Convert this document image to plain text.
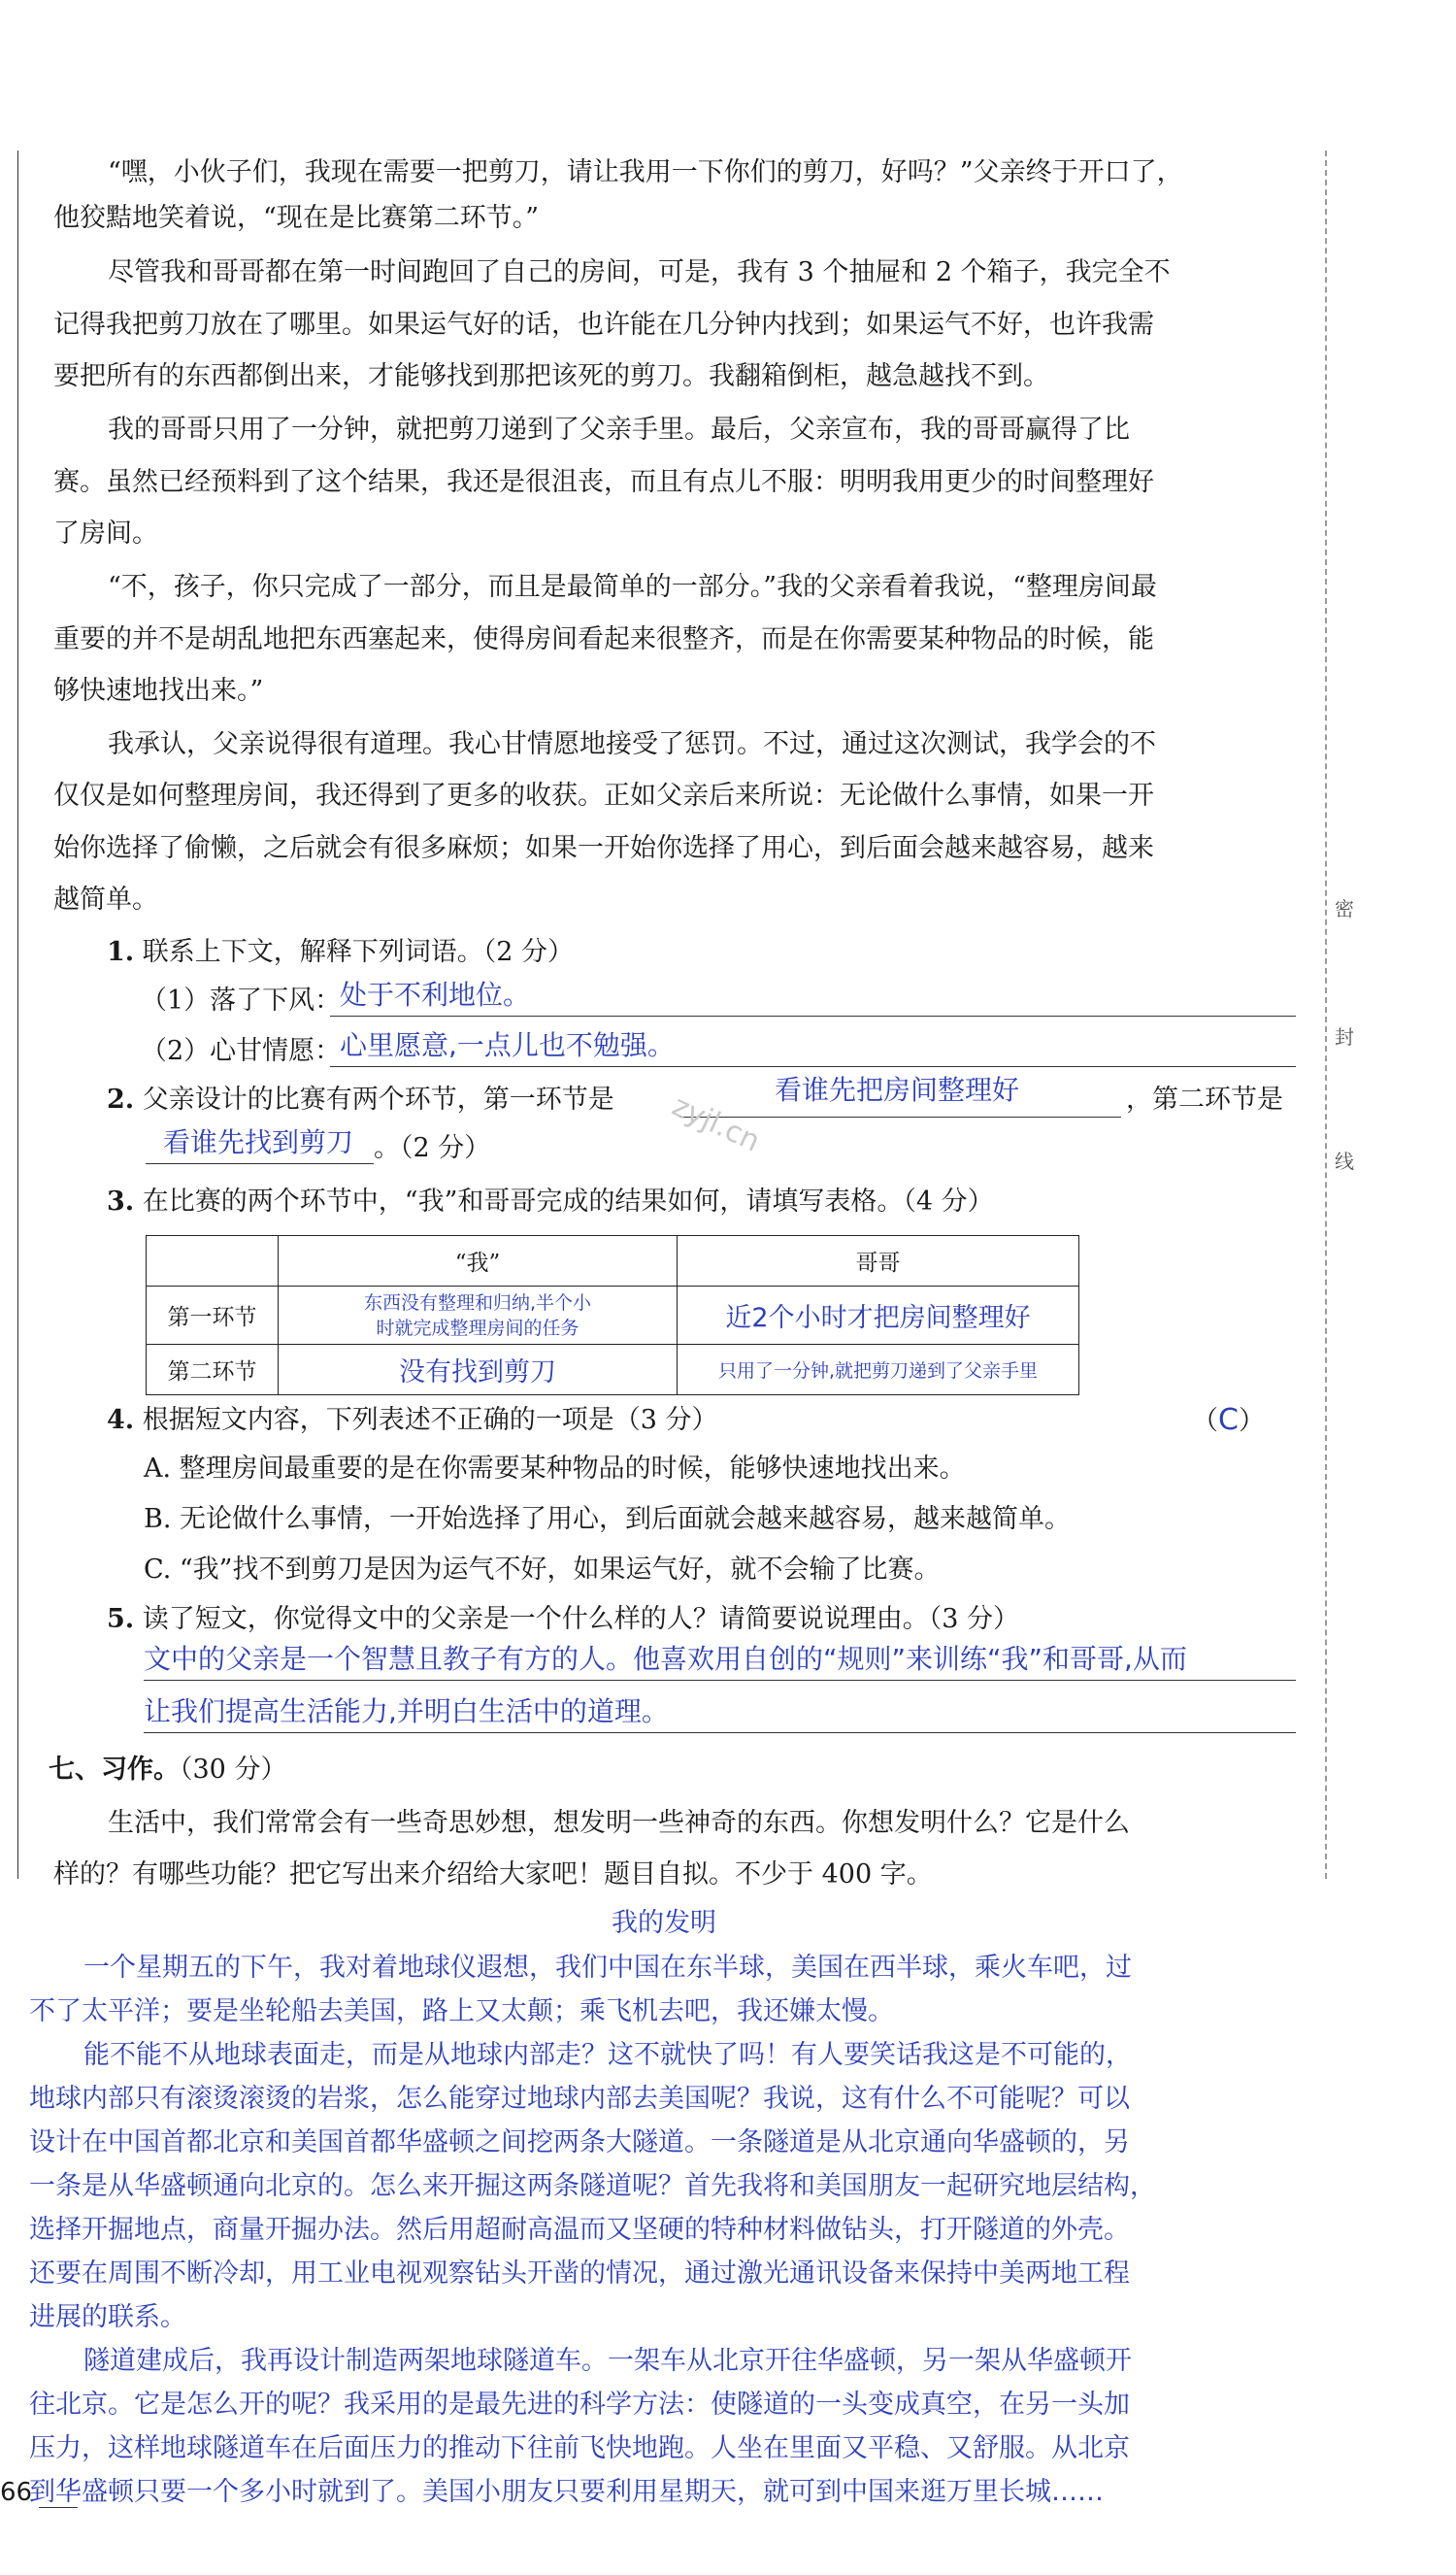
密
封
线
“嘿，小伙子们，我现在需要一把剪刀，请让我用一下你们的剪刀，好吗？”父亲终于开口了，
他狡黠地笑着说，“现在是比赛第二环节。”
尽管我和哥哥都在第一时间跑回了自己的房间，可是，我有 3 个抽屉和 2 个箱子，我完全不
记得我把剪刀放在了哪里。如果运气好的话，也许能在几分钟内找到；如果运气不好，也许我需
要把所有的东西都倒出来，才能够找到那把该死的剪刀。我翻箱倒柜，越急越找不到。
我的哥哥只用了一分钟，就把剪刀递到了父亲手里。最后，父亲宣布，我的哥哥赢得了比
赛。虽然已经预料到了这个结果，我还是很沮丧，而且有点儿不服：明明我用更少的时间整理好
了房间。
“不，孩子，你只完成了一部分，而且是最简单的一部分。”我的父亲看着我说，“整理房间最
重要的并不是胡乱地把东西塞起来，使得房间看起来很整齐，而是在你需要某种物品的时候，能
够快速地找出来。”
我承认，父亲说得很有道理。我心甘情愿地接受了惩罚。不过，通过这次测试，我学会的不
仅仅是如何整理房间，我还得到了更多的收获。正如父亲后来所说：无论做什么事情，如果一开
始你选择了偷懒，之后就会有很多麻烦；如果一开始你选择了用心，到后面会越来越容易，越来
越简单。
1. 联系上下文，解释下列词语。（2 分）
（1）落了下风：
处于不利地位。
（2）心甘情愿：
心里愿意,一点儿也不勉强。
2. 父亲设计的比赛有两个环节，第一环节是	看谁先把房间整理好	，第二环节是
看谁先找到剪刀 。（2 分）	zyjl.cn
3. 在比赛的两个环节中，“我”和哥哥完成的结果如何，请填写表格。（4 分）
	“我”	哥哥
第一环节	东西没有整理和归纳,半个小
时就完成整理房间的任务	近2个小时才把房间整理好
第二环节	没有找到剪刀	只用了一分钟,就把剪刀递到了父亲手里
4. 根据短文内容，下列表述不正确的一项是（3 分）	（C）
A. 整理房间最重要的是在你需要某种物品的时候，能够快速地找出来。
B. 无论做什么事情，一开始选择了用心，到后面就会越来越容易，越来越简单。
C. “我”找不到剪刀是因为运气不好，如果运气好，就不会输了比赛。
5. 读了短文，你觉得文中的父亲是一个什么样的人？请简要说说理由。（3 分）
文中的父亲是一个智慧且教子有方的人。他喜欢用自创的“规则”来训练“我”和哥哥,从而
让我们提高生活能力,并明白生活中的道理。
七、习作。（30 分）
生活中，我们常常会有一些奇思妙想，想发明一些神奇的东西。你想发明什么？它是什么
样的？有哪些功能？把它写出来介绍给大家吧！题目自拟。不少于 400 字。
我的发明
一个星期五的下午，我对着地球仪遐想，我们中国在东半球，美国在西半球，乘火车吧，过
不了太平洋；要是坐轮船去美国，路上又太颠；乘飞机去吧，我还嫌太慢。
能不能不从地球表面走，而是从地球内部走？这不就快了吗！有人要笑话我这是不可能的，
地球内部只有滚烫滚烫的岩浆，怎么能穿过地球内部去美国呢？我说，这有什么不可能呢？可以
设计在中国首都北京和美国首都华盛顿之间挖两条大隧道。一条隧道是从北京通向华盛顿的，另
一条是从华盛顿通向北京的。怎么来开掘这两条隧道呢？首先我将和美国朋友一起研究地层结构，
选择开掘地点，商量开掘办法。然后用超耐高温而又坚硬的特种材料做钻头，打开隧道的外壳。
还要在周围不断冷却，用工业电视观察钻头开凿的情况，通过激光通讯设备来保持中美两地工程
进展的联系。
隧道建成后，我再设计制造两架地球隧道车。一架车从北京开往华盛顿，另一架从华盛顿开
往北京。它是怎么开的呢？我采用的是最先进的科学方法：使隧道的一头变成真空，在另一头加
压力，这样地球隧道车在后面压力的推动下往前飞快地跑。人坐在里面又平稳、又舒服。从北京
到华盛顿只要一个多小时就到了。美国小朋友只要利用星期天，就可到中国来逛万里长城……
66
